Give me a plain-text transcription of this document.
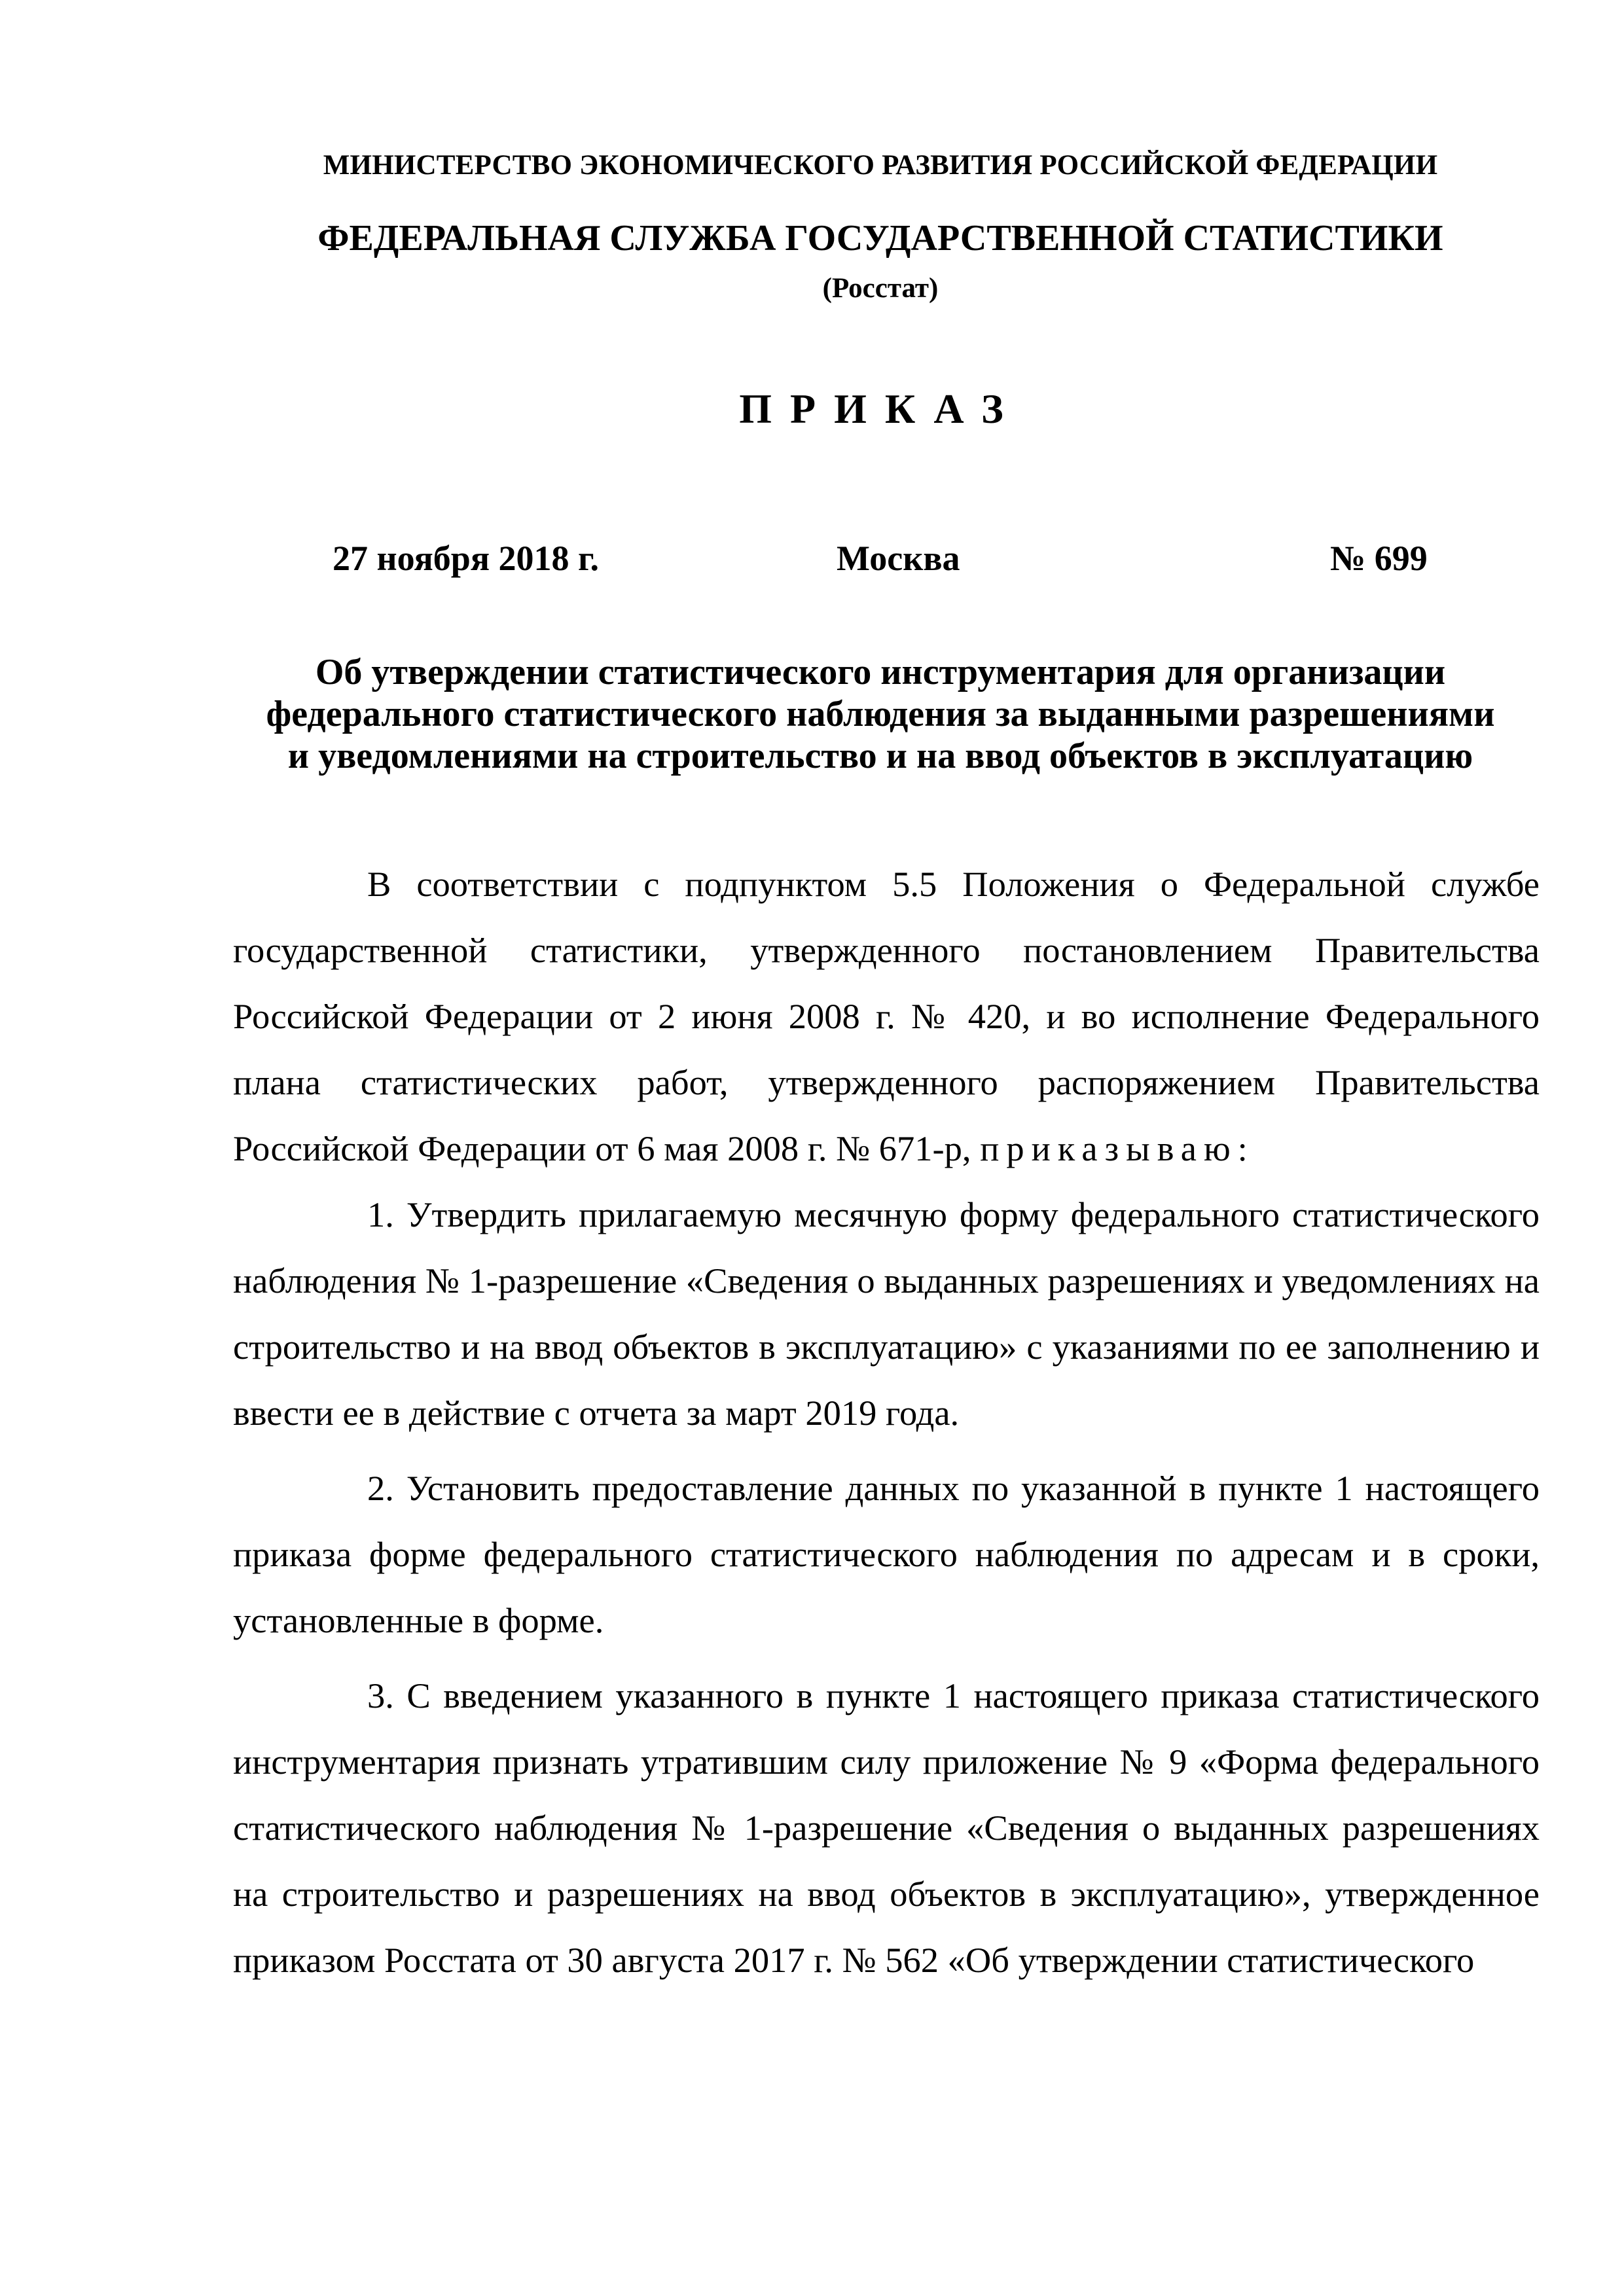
МИНИСТЕРСТВО ЭКОНОМИЧЕСКОГО РАЗВИТИЯ РОССИЙСКОЙ ФЕДЕРАЦИИ
ФЕДЕРАЛЬНАЯ СЛУЖБА ГОСУДАРСТВЕННОЙ СТАТИСТИКИ
(Росстат)
ПРИКАЗ
27 ноября 2018 г.	Москва	№ 699
Об утверждении статистического инструментария для организации
федерального статистического наблюдения за выданными разрешениями
и уведомлениями на строительство и на ввод объектов в эксплуатацию

В соответствии с подпунктом 5.5 Положения о Федеральной службе государственной статистики, утвержденного постановлением Правительства Российской Федерации от 2 июня 2008 г. № 420, и во исполнение Федерального плана статистических работ, утвержденного распоряжением Правительства Российской Федерации от 6 мая 2008 г. № 671-р, приказываю:

1. Утвердить прилагаемую месячную форму федерального статистического наблюдения № 1-разрешение «Сведения о выданных разрешениях и уведомлениях на строительство и на ввод объектов в эксплуатацию» с указаниями по ее заполнению и ввести ее в действие с отчета за март 2019 года.

2. Установить предоставление данных по указанной в пункте 1 настоящего приказа форме федерального статистического наблюдения по адресам и в сроки, установленные в форме.

3. С введением указанного в пункте 1 настоящего приказа статистического инструментария признать утратившим силу приложение № 9 «Форма федерального статистического наблюдения № 1-разрешение «Сведения о выданных разрешениях на строительство и разрешениях на ввод объектов в эксплуатацию», утвержденное приказом Росстата от 30 августа 2017 г. № 562 «Об утверждении статистического
